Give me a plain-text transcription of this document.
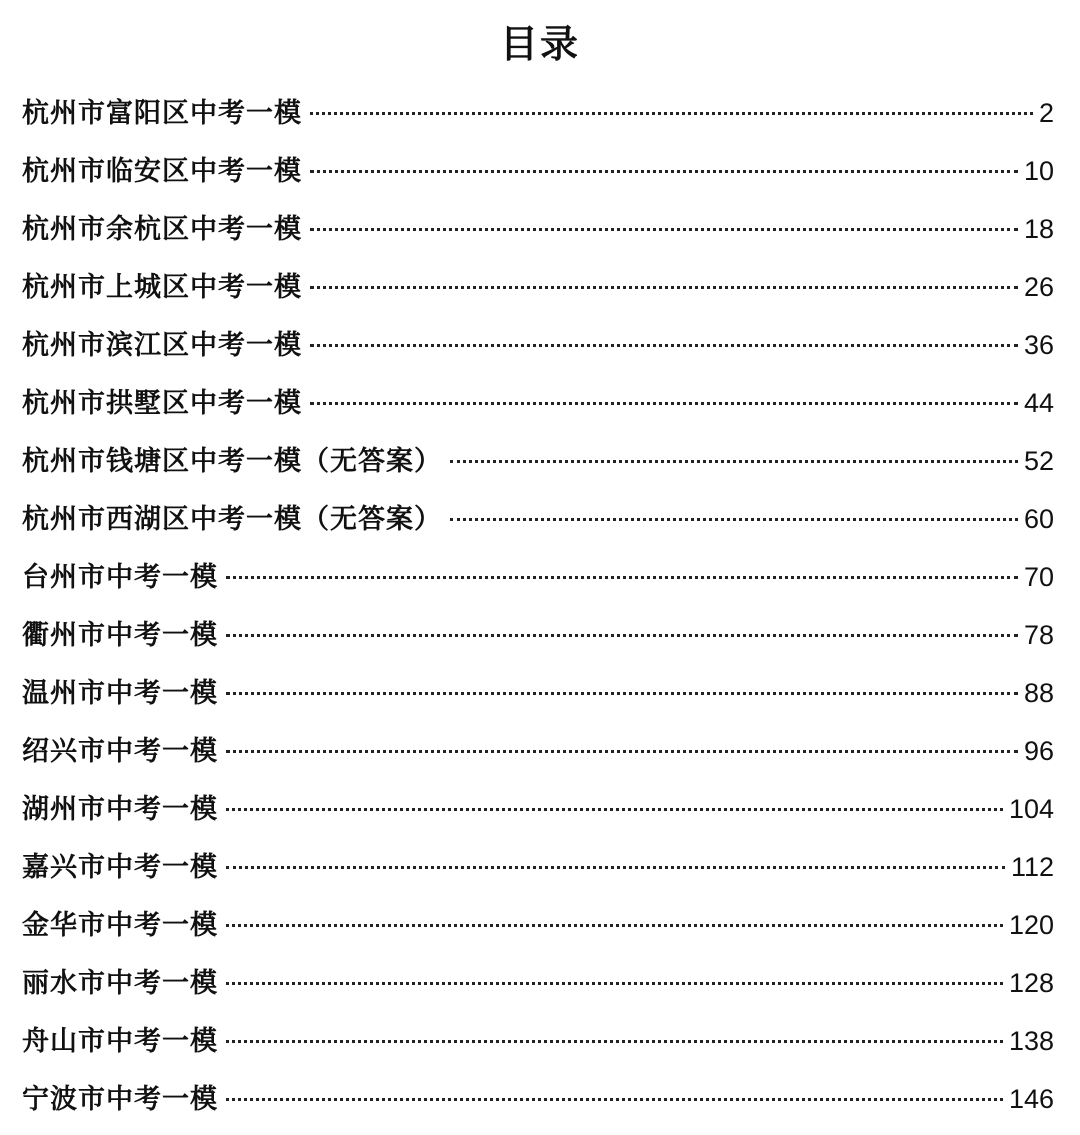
目录
杭州市富阳区中考一模	2
杭州市临安区中考一模	10
杭州市余杭区中考一模	18
杭州市上城区中考一模	26
杭州市滨江区中考一模	36
杭州市拱墅区中考一模	44
杭州市钱塘区中考一模（无答案）	52
杭州市西湖区中考一模（无答案）	60
台州市中考一模	70
衢州市中考一模	78
温州市中考一模	88
绍兴市中考一模	96
湖州市中考一模	104
嘉兴市中考一模	112
金华市中考一模	120
丽水市中考一模	128
舟山市中考一模	138
宁波市中考一模	146
